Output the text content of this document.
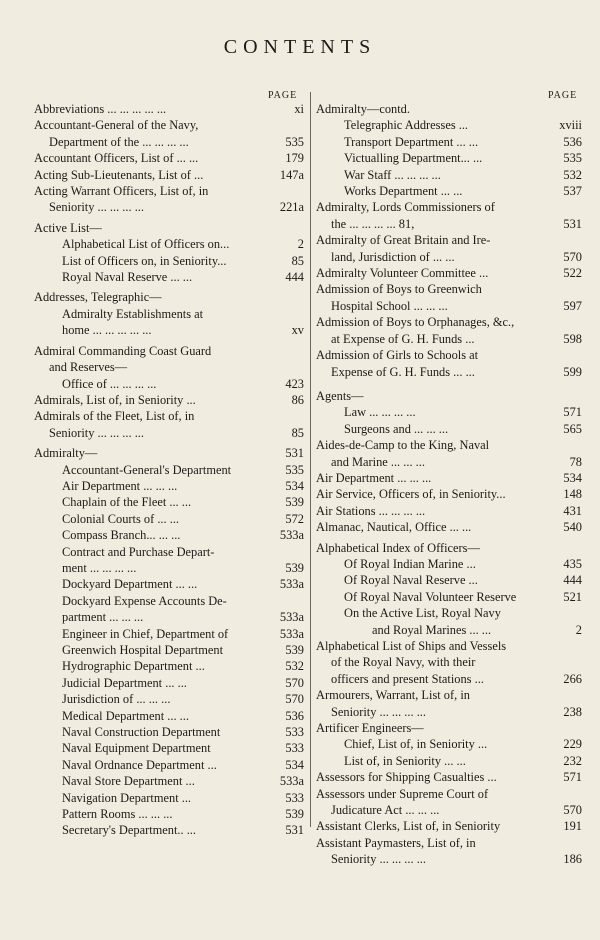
CONTENTS
PAGE	PAGE
Abbreviations ... ... ... ... ...	xi
Accountant-General of the Navy,
Department of the ... ... ... ...	535
Accountant Officers, List of ... ...	179
Acting Sub-Lieutenants, List of ...	147a
Acting Warrant Officers, List of, in
Seniority ... ... ... ...	221a
Active List—
Alphabetical List of Officers on...	2
List of Officers on, in Seniority...	85
Royal Naval Reserve ... ...	444
Addresses, Telegraphic—
Admiralty Establishments at
home ... ... ... ... ...	xv
Admiral Commanding Coast Guard
and Reserves—
Office of ... ... ... ...	423
Admirals, List of, in Seniority ...	86
Admirals of the Fleet, List of, in
Seniority ... ... ... ...	85
Admiralty—	531
Accountant-General's Department	535
Air Department ... ... ...	534
Chaplain of the Fleet ... ...	539
Colonial Courts of ... ...	572
Compass Branch... ... ...	533a
Contract and Purchase Depart-
ment ... ... ... ...	539
Dockyard Department ... ...	533a
Dockyard Expense Accounts De-
partment ... ... ...	533a
Engineer in Chief, Department of	533a
Greenwich Hospital Department	539
Hydrographic Department ...	532
Judicial Department ... ...	570
Jurisdiction of ... ... ...	570
Medical Department ... ...	536
Naval Construction Department	533
Naval Equipment Department	533
Naval Ordnance Department ...	534
Naval Store Department ...	533a
Navigation Department ...	533
Pattern Rooms ... ... ...	539
Secretary's Department.. ...	531
Admiralty—contd.
Telegraphic Addresses ...	xviii
Transport Department ... ...	536
Victualling Department... ...	535
War Staff ... ... ... ...	532
Works Department ... ...	537
Admiralty, Lords Commissioners of
the ... ... ... ... 81,	531
Admiralty of Great Britain and Ire-
land, Jurisdiction of ... ...	570
Admiralty Volunteer Committee ...	522
Admission of Boys to Greenwich
Hospital School ... ... ...	597
Admission of Boys to Orphanages, &c.,
at Expense of G. H. Funds ...	598
Admission of Girls to Schools at
Expense of G. H. Funds ... ...	599
Agents—
Law ... ... ... ...	571
Surgeons and ... ... ...	565
Aides-de-Camp to the King, Naval
and Marine ... ... ...	78
Air Department ... ... ...	534
Air Service, Officers of, in Seniority...	148
Air Stations ... ... ... ...	431
Almanac, Nautical, Office ... ...	540
Alphabetical Index of Officers—
Of Royal Indian Marine ...	435
Of Royal Naval Reserve ...	444
Of Royal Naval Volunteer Reserve	521
On the Active List, Royal Navy
and Royal Marines ... ...	2
Alphabetical List of Ships and Vessels
of the Royal Navy, with their
officers and present Stations ...	266
Armourers, Warrant, List of, in
Seniority ... ... ... ...	238
Artificer Engineers—
Chief, List of, in Seniority ...	229
List of, in Seniority ... ...	232
Assessors for Shipping Casualties ...	571
Assessors under Supreme Court of
Judicature Act ... ... ...	570
Assistant Clerks, List of, in Seniority	191
Assistant Paymasters, List of, in
Seniority ... ... ... ...	186
